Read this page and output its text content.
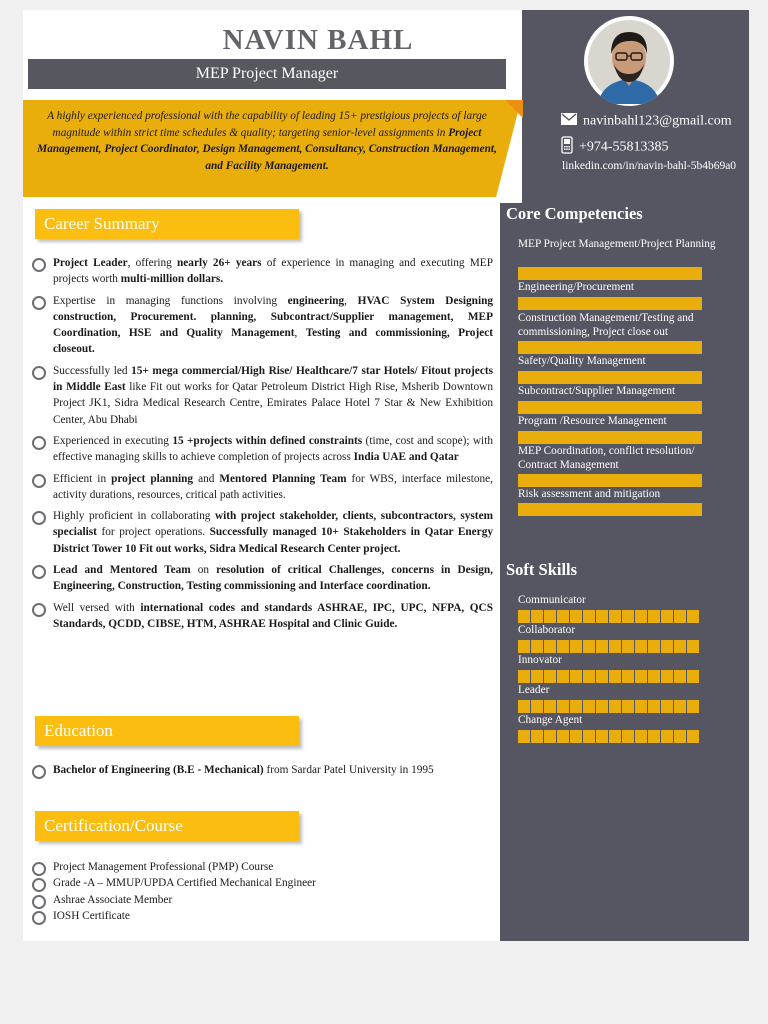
NAVIN BAHL
MEP Project Manager
A highly experienced professional with the capability of leading 15+ prestigious projects of large magnitude within strict time schedules & quality; targeting senior-level assignments in Project Management, Project Coordinator, Design Management, Consultancy, Construction Management, and Facility Management.
navinbahl123@gmail.com
+974-55813385
linkedin.com/in/navin-bahl-5b4b69a0
Career Summary
Project Leader, offering nearly 26+ years of experience in managing and executing MEP projects worth multi-million dollars.
Expertise in managing functions involving engineering, HVAC System Designing construction, Procurement. planning, Subcontract/Supplier management, MEP Coordination, HSE and Quality Management, Testing and commissioning, Project closeout.
Successfully led 15+ mega commercial/High Rise/ Healthcare/7 star Hotels/ Fitout projects in Middle East like Fit out works for Qatar Petroleum District High Rise, Msherib Downtown Project JK1, Sidra Medical Research Centre, Emirates Palace Hotel 7 Star & New Exhibition Center, Abu Dhabi
Experienced in executing 15 +projects within defined constraints (time, cost and scope); with effective managing skills to achieve completion of projects across India UAE and Qatar
Efficient in project planning and Mentored Planning Team for WBS, interface milestone, activity durations, resources, critical path activities.
Highly proficient in collaborating with project stakeholder, clients, subcontractors, system specialist for project operations. Successfully managed 10+ Stakeholders in Qatar Energy District Tower 10 Fit out works, Sidra Medical Research Center project.
Lead and Mentored Team on resolution of critical Challenges, concerns in Design, Engineering, Construction, Testing commissioning and Interface coordination.
Well versed with international codes and standards ASHRAE, IPC, UPC, NFPA, QCS Standards, QCDD, CIBSE, HTM, ASHRAE Hospital and Clinic Guide.
Education
Bachelor of Engineering (B.E - Mechanical) from Sardar Patel University in 1995
Certification/Course
Project Management Professional (PMP) Course
Grade -A – MMUP/UPDA Certified Mechanical Engineer
Ashrae Associate Member
IOSH Certificate
Core Competencies
MEP Project Management/Project Planning
Engineering/Procurement
Construction Management/Testing and commissioning, Project close out
Safety/Quality Management
Subcontract/Supplier Management
Program /Resource Management
MEP Coordination, conflict resolution/ Contract Management
Risk assessment and mitigation
Soft Skills
Communicator
Collaborator
Innovator
Leader
Change Agent
